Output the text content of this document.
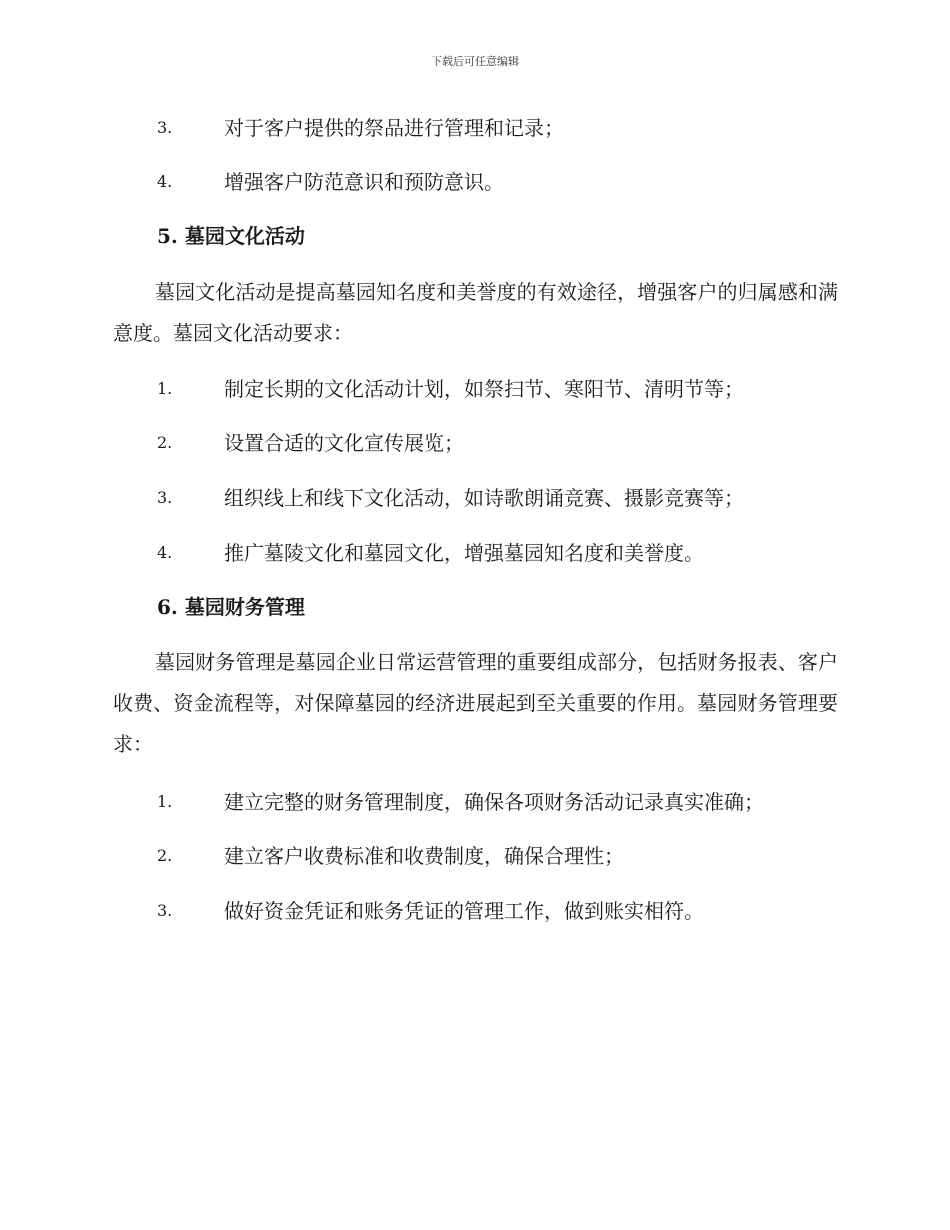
下载后可任意编辑
3.	对于客户提供的祭品进行管理和记录；
4.	增强客户防范意识和预防意识。
5. 墓园文化活动

墓园文化活动是提高墓园知名度和美誉度的有效途径，增强客户的归属感和满意度。墓园文化活动要求：

1.	制定长期的文化活动计划，如祭扫节、寒阳节、清明节等；
2.	设置合适的文化宣传展览；
3.	组织线上和线下文化活动，如诗歌朗诵竞赛、摄影竞赛等；
4.	推广墓陵文化和墓园文化，增强墓园知名度和美誉度。
6. 墓园财务管理

墓园财务管理是墓园企业日常运营管理的重要组成部分，包括财务报表、客户收费、资金流程等，对保障墓园的经济进展起到至关重要的作用。墓园财务管理要求：

1.	建立完整的财务管理制度，确保各项财务活动记录真实准确；
2.	建立客户收费标准和收费制度，确保合理性；
3.	做好资金凭证和账务凭证的管理工作，做到账实相符。
